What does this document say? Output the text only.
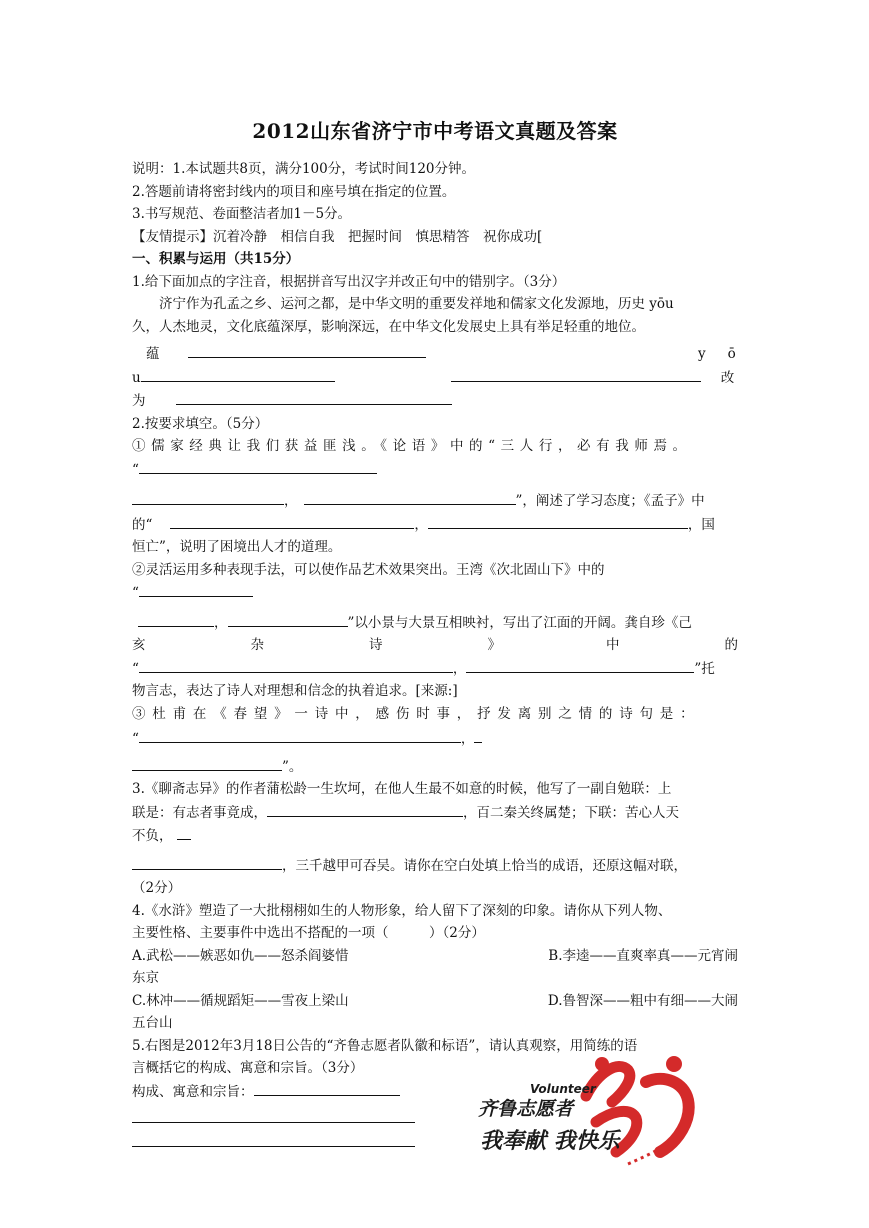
2012山东省济宁市中考语文真题及答案
说明：1.本试题共8页，满分100分，考试时间120分钟。
2.答题前请将密封线内的项目和座号填在指定的位置。
3.书写规范、卷面整洁者加1－5分。
【友情提示】沉着冷静　相信自我　把握时间　慎思精答　祝你成功[
一、积累与运用（共15分）
1.给下面加点的字注音，根据拼音写出汉字并改正句中的错别字。（3分）
济宁作为孔孟之乡、运河之都，是中华文明的重要发祥地和儒家文化发源地，历史 yōu
久，人杰地灵，文化底蕴深厚，影响深远，在中华文化发展史上具有举足轻重的地位。
蕴	y ō
u	改
为
2.按要求填空。（5分）
①儒家经典让我们获益匪浅。《论语》中的“三人行，必有我师焉。
“
，	”，阐述了学习态度；《孟子》中
的“	，	，国
恒亡”，说明了困境出人才的道理。
②灵活运用多种表现手法，可以使作品艺术效果突出。王湾《次北固山下》中的
“
，	”以小景与大景互相映衬，写出了江面的开阔。龚自珍《己
亥	杂	诗	》	中	的
“	，	”托
物言志，表达了诗人对理想和信念的执着追求。[来源:]
③杜甫在《春望》一诗中，感伤时事，抒发离别之情的诗句是：
“	，
”。
3.《聊斋志异》的作者蒲松龄一生坎坷，在他人生最不如意的时候，他写了一副自勉联：上
联是：有志者事竟成，	，百二秦关终属楚；下联：苦心人天
不负，
，三千越甲可吞吴。请你在空白处填上恰当的成语，还原这幅对联，
（2分）
4.《水浒》塑造了一大批栩栩如生的人物形象，给人留下了深刻的印象。请你从下列人物、
主要性格、主要事件中选出不搭配的一项（　　　）（2分）
A.武松——嫉恶如仇——怒杀阎婆惜	B.李逵——直爽率真——元宵闹
东京
C.林冲——循规蹈矩——雪夜上梁山	D.鲁智深——粗中有细——大闹
五台山
5.右图是2012年3月18日公告的“齐鲁志愿者队徽和标语”，请认真观察，用简练的语
言概括它的构成、寓意和宗旨。（3分）
构成、寓意和宗旨：
齐鲁志愿者
Volunteer
我奉献 我快乐
